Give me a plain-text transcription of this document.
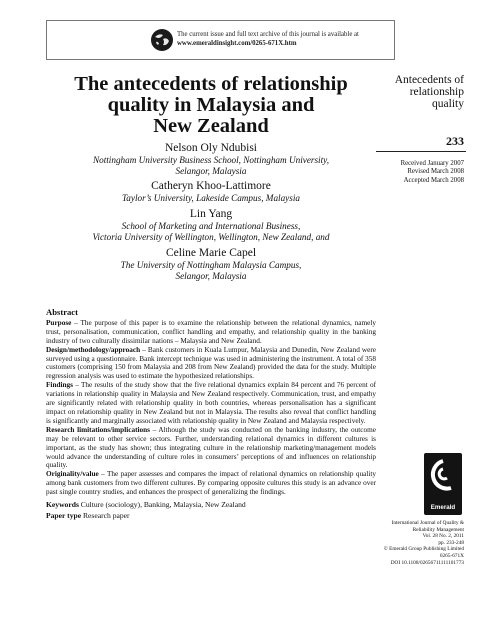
The current issue and full text archive of this journal is available at
www.emeraldinsight.com/0265-671X.htm
The antecedents of relationship
quality in Malaysia and
New Zealand
Nelson Oly Ndubisi
Nottingham University Business School, Nottingham University,
Selangor, Malaysia
Catheryn Khoo-Lattimore
Taylor’s University, Lakeside Campus, Malaysia
Lin Yang
School of Marketing and International Business,
Victoria University of Wellington, Wellington, New Zealand, and
Celine Marie Capel
The University of Nottingham Malaysia Campus,
Selangor, Malaysia
Antecedents of
relationship
quality
233
Received January 2007
Revised March 2008
Accepted March 2008

Abstract

Purpose – The purpose of this paper is to examine the relationship between the relational dynamics, namely trust, personalisation, communication, conflict handling and empathy, and relationship quality in the banking industry of two culturally dissimilar nations – Malaysia and New Zealand.

Design/methodology/approach – Bank customers in Kuala Lumpur, Malaysia and Dunedin, New Zealand were surveyed using a questionnaire. Bank intercept technique was used in administering the instrument. A total of 358 customers (comprising 150 from Malaysia and 208 from New Zealand) provided the data for the study. Multiple regression analysis was used to estimate the hypothesized relationships.

Findings – The results of the study show that the five relational dynamics explain 84 percent and 76 percent of variations in relationship quality in Malaysia and New Zealand respectively. Communication, trust, and empathy are significantly related with relationship quality in both countries, whereas personalisation has a significant impact on relationship quality in New Zealand but not in Malaysia. The results also reveal that conflict handling is significantly and marginally associated with relationship quality in New Zealand and Malaysia respectively.

Research limitations/implications – Although the study was conducted on the banking industry, the outcome may be relevant to other service sectors. Further, understanding relational dynamics in different cultures is important, as the study has shown; thus integrating culture in the relationship marketing/management models would advance the understanding of culture roles in consumers’ perceptions of and influences on relationship quality.

Originality/value – The paper assesses and compares the impact of relational dynamics on relationship quality among bank customers from two different cultures. By comparing opposite cultures this study is an advance over past single country studies, and enhances the prospect of generalizing the findings.

Keywords Culture (sociology), Banking, Malaysia, New Zealand

Paper type Research paper

Emerald
International Journal of Quality &
Reliability Management
Vol. 28 No. 2, 2011
pp. 233-248
© Emerald Group Publishing Limited
0265-671X
DOI 10.1108/02656711111101773
